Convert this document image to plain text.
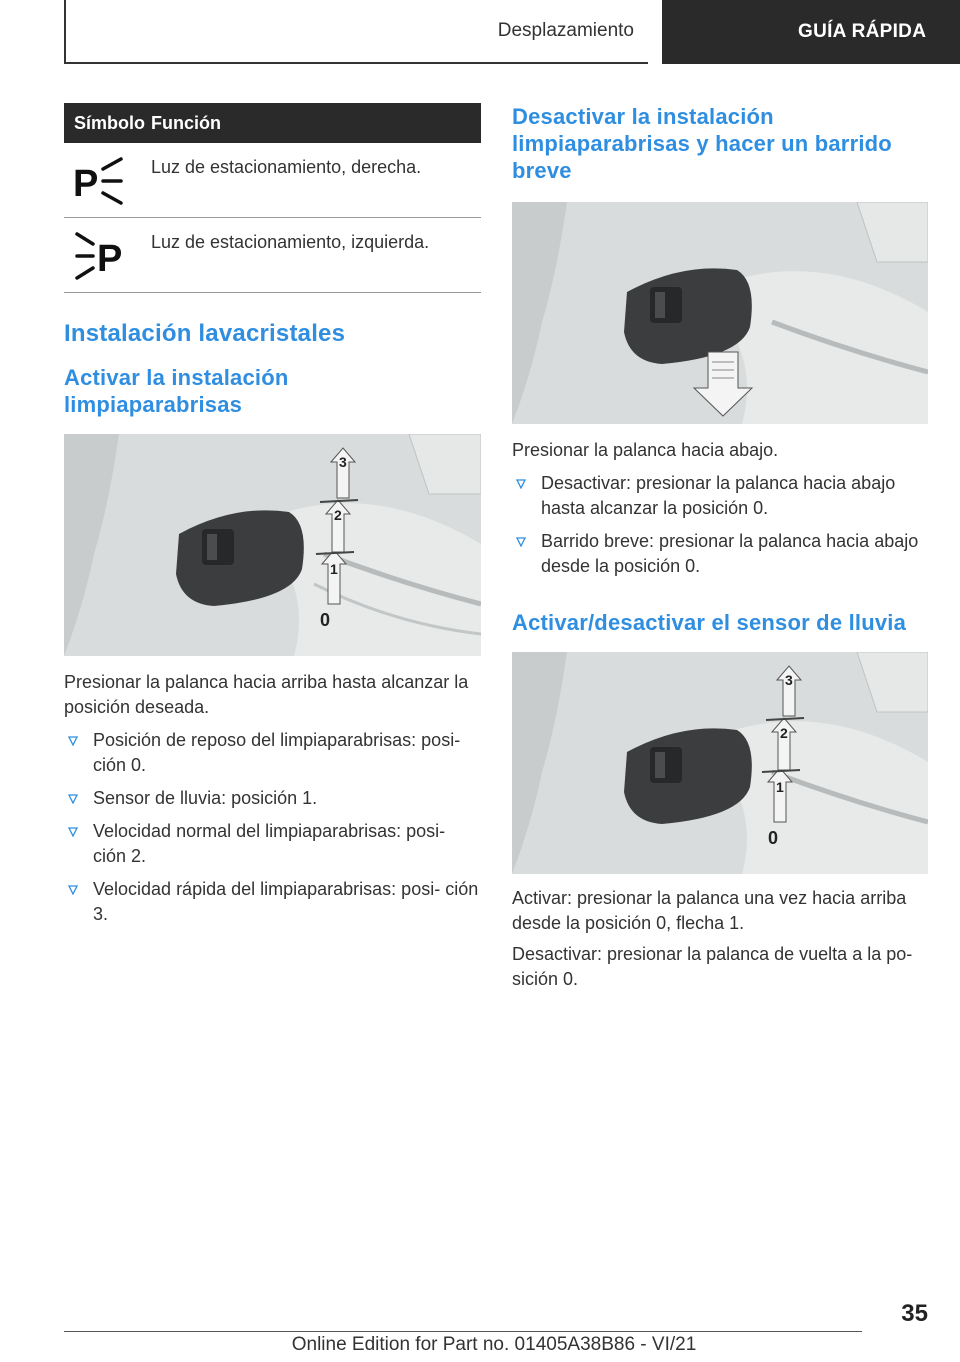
Desplazamiento	GUÍA RÁPIDA
Símbolo	Función

P	Luz de estacionamiento, derecha.

P	Luz de estacionamiento, izquierda.
Instalación lavacristales
Activar la instalación limpiaparabrisas
3
2
1
0

Presionar la palanca hacia arriba hasta alcanzar la posición deseada.

Posición de reposo del limpiaparabrisas: posi- ción 0.
Sensor de lluvia: posición 1.
Velocidad normal del limpiaparabrisas: posi- ción 2.
Velocidad rápida del limpiaparabrisas: posi- ción 3.
Desactivar la instalación limpiaparabrisas y hacer un barrido breve

Presionar la palanca hacia abajo.

Desactivar: presionar la palanca hacia abajo hasta alcanzar la posición 0.
Barrido breve: presionar la palanca hacia abajo desde la posición 0.
Activar/desactivar el sensor de lluvia
3
2
1
0

Activar: presionar la palanca una vez hacia arriba desde la posición 0, flecha 1.

Desactivar: presionar la palanca de vuelta a la po- sición 0.

35
Online Edition for Part no. 01405A38B86 - VI/21
